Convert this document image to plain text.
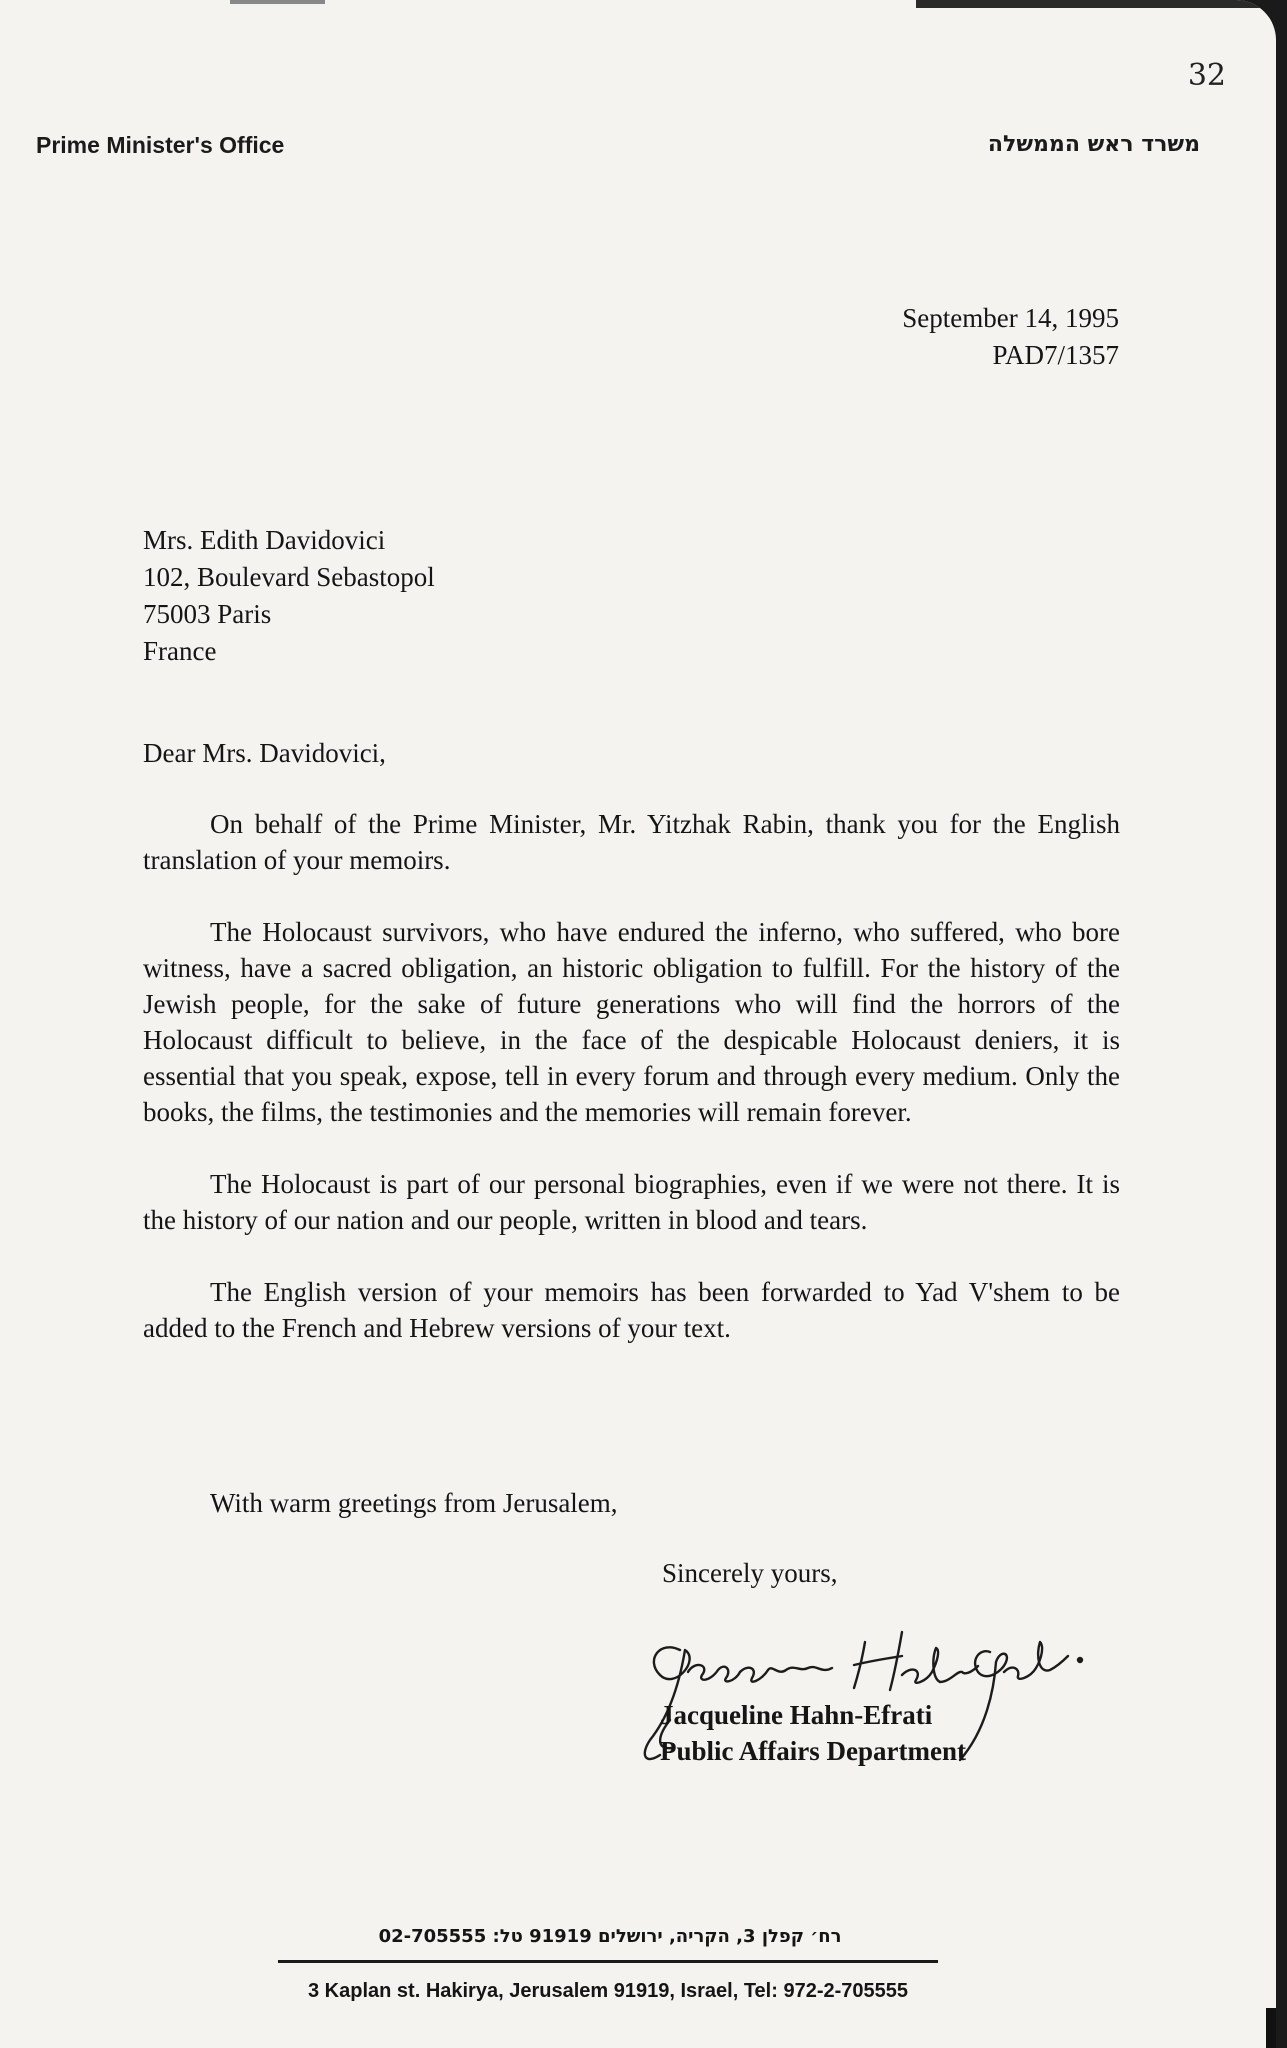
32
Prime Minister's Office	משרד ראש הממשלה
September 14, 1995
PAD7/1357
Mrs. Edith Davidovici
102, Boulevard Sebastopol
75003 Paris
France
Dear Mrs. Davidovici,

On behalf of the Prime Minister, Mr. Yitzhak Rabin, thank you for the English translation of your memoirs.

The Holocaust survivors, who have endured the inferno, who suffered, who bore witness, have a sacred obligation, an historic obligation to fulfill. For the history of the Jewish people, for the sake of future generations who will find the horrors of the Holocaust difficult to believe, in the face of the despicable Holocaust deniers, it is essential that you speak, expose, tell in every forum and through every medium. Only the books, the films, the testimonies and the memories will remain forever.

The Holocaust is part of our personal biographies, even if we were not there. It is the history of our nation and our people, written in blood and tears.

The English version of your memoirs has been forwarded to Yad V'shem to be added to the French and Hebrew versions of your text.

With warm greetings from Jerusalem,
Sincerely yours,
Jacqueline Hahn-Efrati
Public Affairs Department
רח׳ קפלן 3, הקריה, ירושלים 91919 טל: 02-705555
3 Kaplan st. Hakirya, Jerusalem 91919, Israel, Tel: 972-2-705555
